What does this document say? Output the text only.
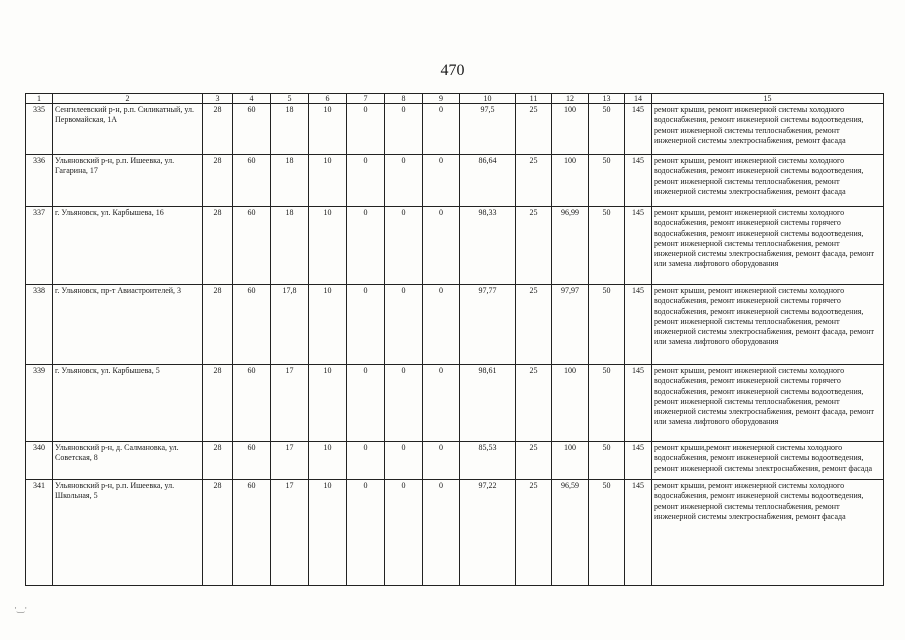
470
1	2	3	4	5	6	7	8	9	10	11	12	13	14	15
335	Сенгилеевский р-н, р.п. Силикатный, ул. Первомайская, 1А	28	60	18	10	0	0	0	97,5	25	100	50	145	ремонт крыши, ремонт инженерной системы холодного водоснабжения, ремонт инженерной системы водоотведения, ремонт инженерной системы теплоснабжения, ремонт инженерной системы электроснабжения, ремонт фасада
336	Ульяновский р-н, р.п. Ишеевка, ул. Гагарина, 17	28	60	18	10	0	0	0	86,64	25	100	50	145	ремонт крыши, ремонт инженерной системы холодного водоснабжения, ремонт инженерной системы водоотведения, ремонт инженерной системы теплоснабжения, ремонт инженерной системы электроснабжения, ремонт фасада
337	г. Ульяновск, ул. Карбышева, 16	28	60	18	10	0	0	0	98,33	25	96,99	50	145	ремонт крыши, ремонт инженерной системы холодного водоснабжения, ремонт инженерной системы горячего водоснабжения, ремонт инженерной системы водоотведения, ремонт инженерной системы теплоснабжения, ремонт инженерной системы электроснабжения, ремонт фасада, ремонт или замена лифтового оборудования
338	г. Ульяновск, пр-т Авиастроителей, 3	28	60	17,8	10	0	0	0	97,77	25	97,97	50	145	ремонт крыши, ремонт инженерной системы холодного водоснабжения, ремонт инженерной системы горячего водоснабжения, ремонт инженерной системы водоотведения, ремонт инженерной системы теплоснабжения, ремонт инженерной системы электроснабжения, ремонт фасада, ремонт или замена лифтового оборудования
339	г. Ульяновск, ул. Карбышева, 5	28	60	17	10	0	0	0	98,61	25	100	50	145	ремонт крыши, ремонт инженерной системы холодного водоснабжения, ремонт инженерной системы горячего водоснабжения, ремонт инженерной системы водоотведения, ремонт инженерной системы теплоснабжения, ремонт инженерной системы электроснабжения, ремонт фасада, ремонт или замена лифтового оборудования
340	Ульяновский р-н, д. Салмановка, ул. Советская, 8	28	60	17	10	0	0	0	85,53	25	100	50	145	ремонт крыши,ремонт инженерной системы холодного водоснабжения, ремонт инженерной системы водоотведения, ремонт инженерной системы электроснабжения, ремонт фасада
341	Ульяновский р-н, р.п. Ишеевка, ул. Школьная, 5	28	60	17	10	0	0	0	97,22	25	96,59	50	145	ремонт крыши, ремонт инженерной системы холодного водоснабжения, ремонт инженерной системы водоотведения, ремонт инженерной системы теплоснабжения, ремонт инженерной системы электроснабжения, ремонт фасада
·‿·
